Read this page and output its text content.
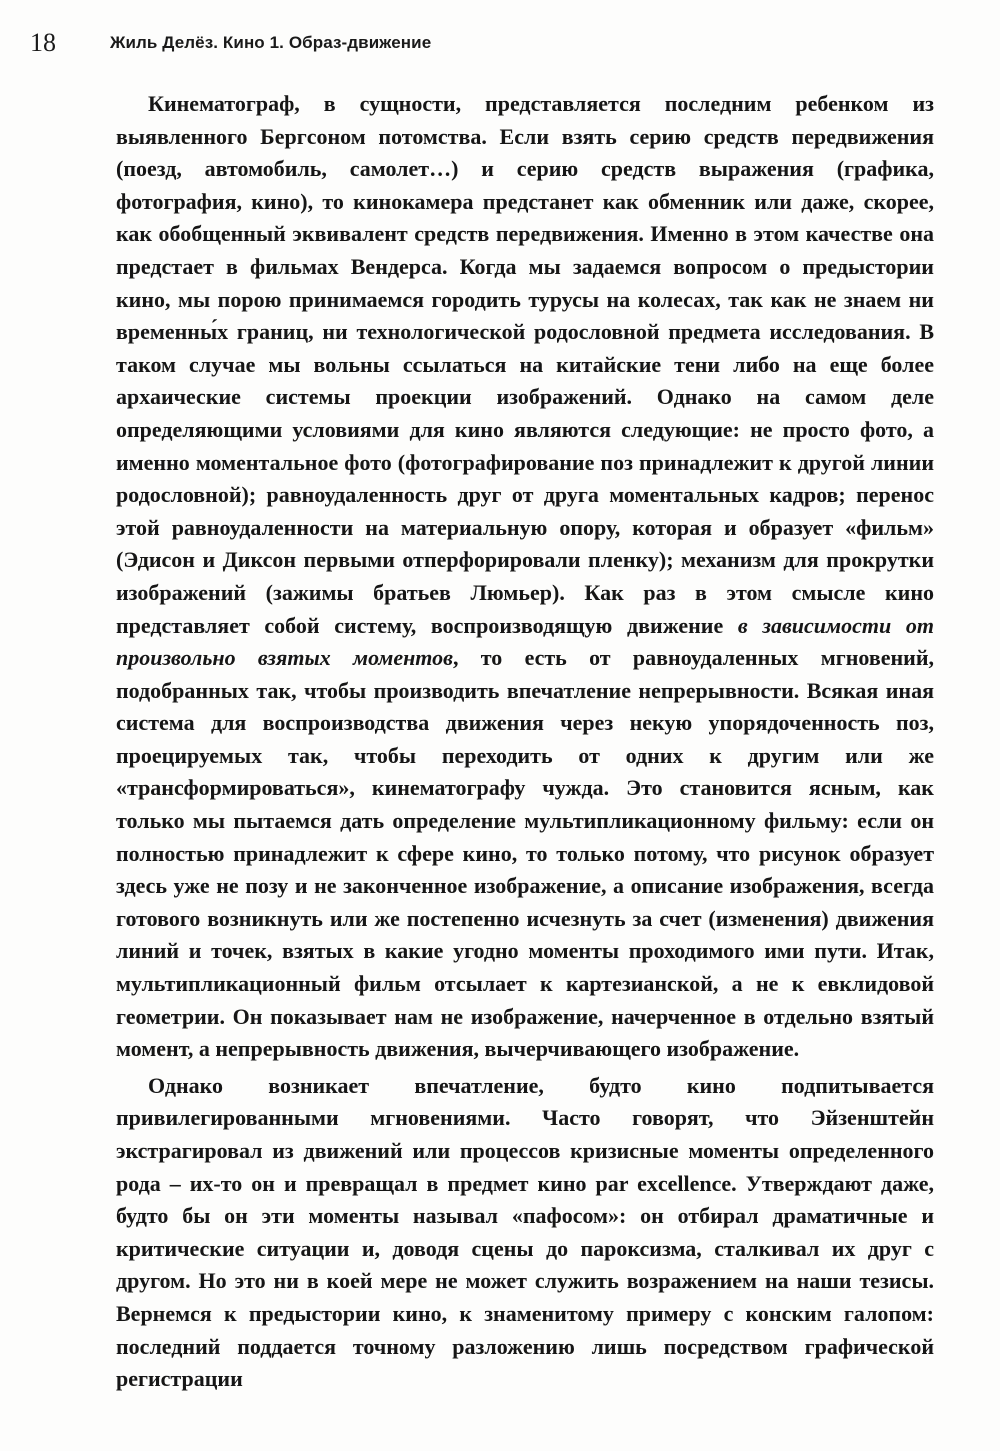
18	Жиль Делёз. Кино 1. Образ-движение

Кинематограф, в сущности, представляется последним ребенком из выявленного Бергсоном потомства. Если взять серию средств передвижения (поезд, автомобиль, самолет…) и серию средств выражения (графика, фотография, кино), то кинокамера предстанет как обменник или даже, скорее, как обобщенный эквивалент средств передвижения. Именно в этом качестве она предстает в фильмах Вендерса. Когда мы задаемся вопросом о предыстории кино, мы порою принимаемся городить турусы на колесах, так как не знаем ни временны́х границ, ни технологической родословной предмета исследования. В таком случае мы вольны ссылаться на китайские тени либо на еще более архаические системы проекции изображений. Однако на самом деле определяющими условиями для кино являются следующие: не просто фото, а именно моментальное фото (фотографирование поз принадлежит к другой линии родословной); равноудаленность друг от друга моментальных кадров; перенос этой равноудаленности на материальную опору, которая и образует «фильм» (Эдисон и Диксон первыми отперфорировали пленку); механизм для прокрутки изображений (зажимы братьев Люмьер). Как раз в этом смысле кино представляет собой систему, воспроизводящую движение в зависимости от произвольно взятых моментов, то есть от равноудаленных мгновений, подобранных так, чтобы производить впечатление непрерывности. Всякая иная система для воспроизводства движения через некую упорядоченность поз, проецируемых так, чтобы переходить от одних к другим или же «трансформироваться», кинематографу чужда. Это становится ясным, как только мы пытаемся дать определение мультипликационному фильму: если он полностью принадлежит к сфере кино, то только потому, что рисунок образует здесь уже не позу и не законченное изображение, а описание изображения, всегда готового возникнуть или же постепенно исчезнуть за счет (изменения) движения линий и точек, взятых в какие угодно моменты проходимого ими пути. Итак, мультипликационный фильм отсылает к картезианской, а не к евклидовой геометрии. Он показывает нам не изображение, начерченное в отдельно взятый момент, а непрерывность движения, вычерчивающего изображение.

Однако возникает впечатление, будто кино подпитывается привилегированными мгновениями. Часто говорят, что Эйзенштейн экстрагировал из движений или процессов кризисные моменты определенного рода – их-то он и превращал в предмет кино par excellence. Утверждают даже, будто бы он эти моменты называл «пафосом»: он отбирал драматичные и критические ситуации и, доводя сцены до пароксизма, сталкивал их друг с другом. Но это ни в коей мере не может служить возражением на наши тезисы. Вернемся к предыстории кино, к знаменитому примеру с конским галопом: последний поддается точному разложению лишь посредством графической регистрации
